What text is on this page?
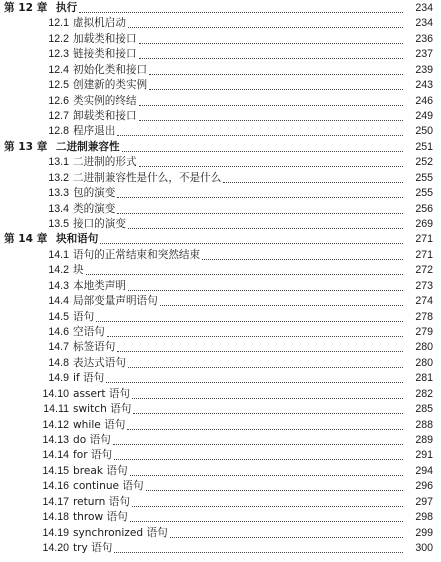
第 12 章 执行	234
12.1 虚拟机启动	234
12.2 加载类和接口	236
12.3 链接类和接口	237
12.4 初始化类和接口	239
12.5 创建新的类实例	243
12.6 类实例的终结	246
12.7 卸载类和接口	249
12.8 程序退出	250
第 13 章 二进制兼容性	251
13.1 二进制的形式	252
13.2 二进制兼容性是什么，不是什么	255
13.3 包的演变	255
13.4 类的演变	256
13.5 接口的演变	269
第 14 章 块和语句	271
14.1 语句的正常结束和突然结束	271
14.2 块	272
14.3 本地类声明	273
14.4 局部变量声明语句	274
14.5 语句	278
14.6 空语句	279
14.7 标签语句	280
14.8 表达式语句	280
14.9 if 语句	281
14.10 assert 语句	282
14.11 switch 语句	285
14.12 while 语句	288
14.13 do 语句	289
14.14 for 语句	291
14.15 break 语句	294
14.16 continue 语句	296
14.17 return 语句	297
14.18 throw 语句	298
14.19 synchronized 语句	299
14.20 try 语句	300
